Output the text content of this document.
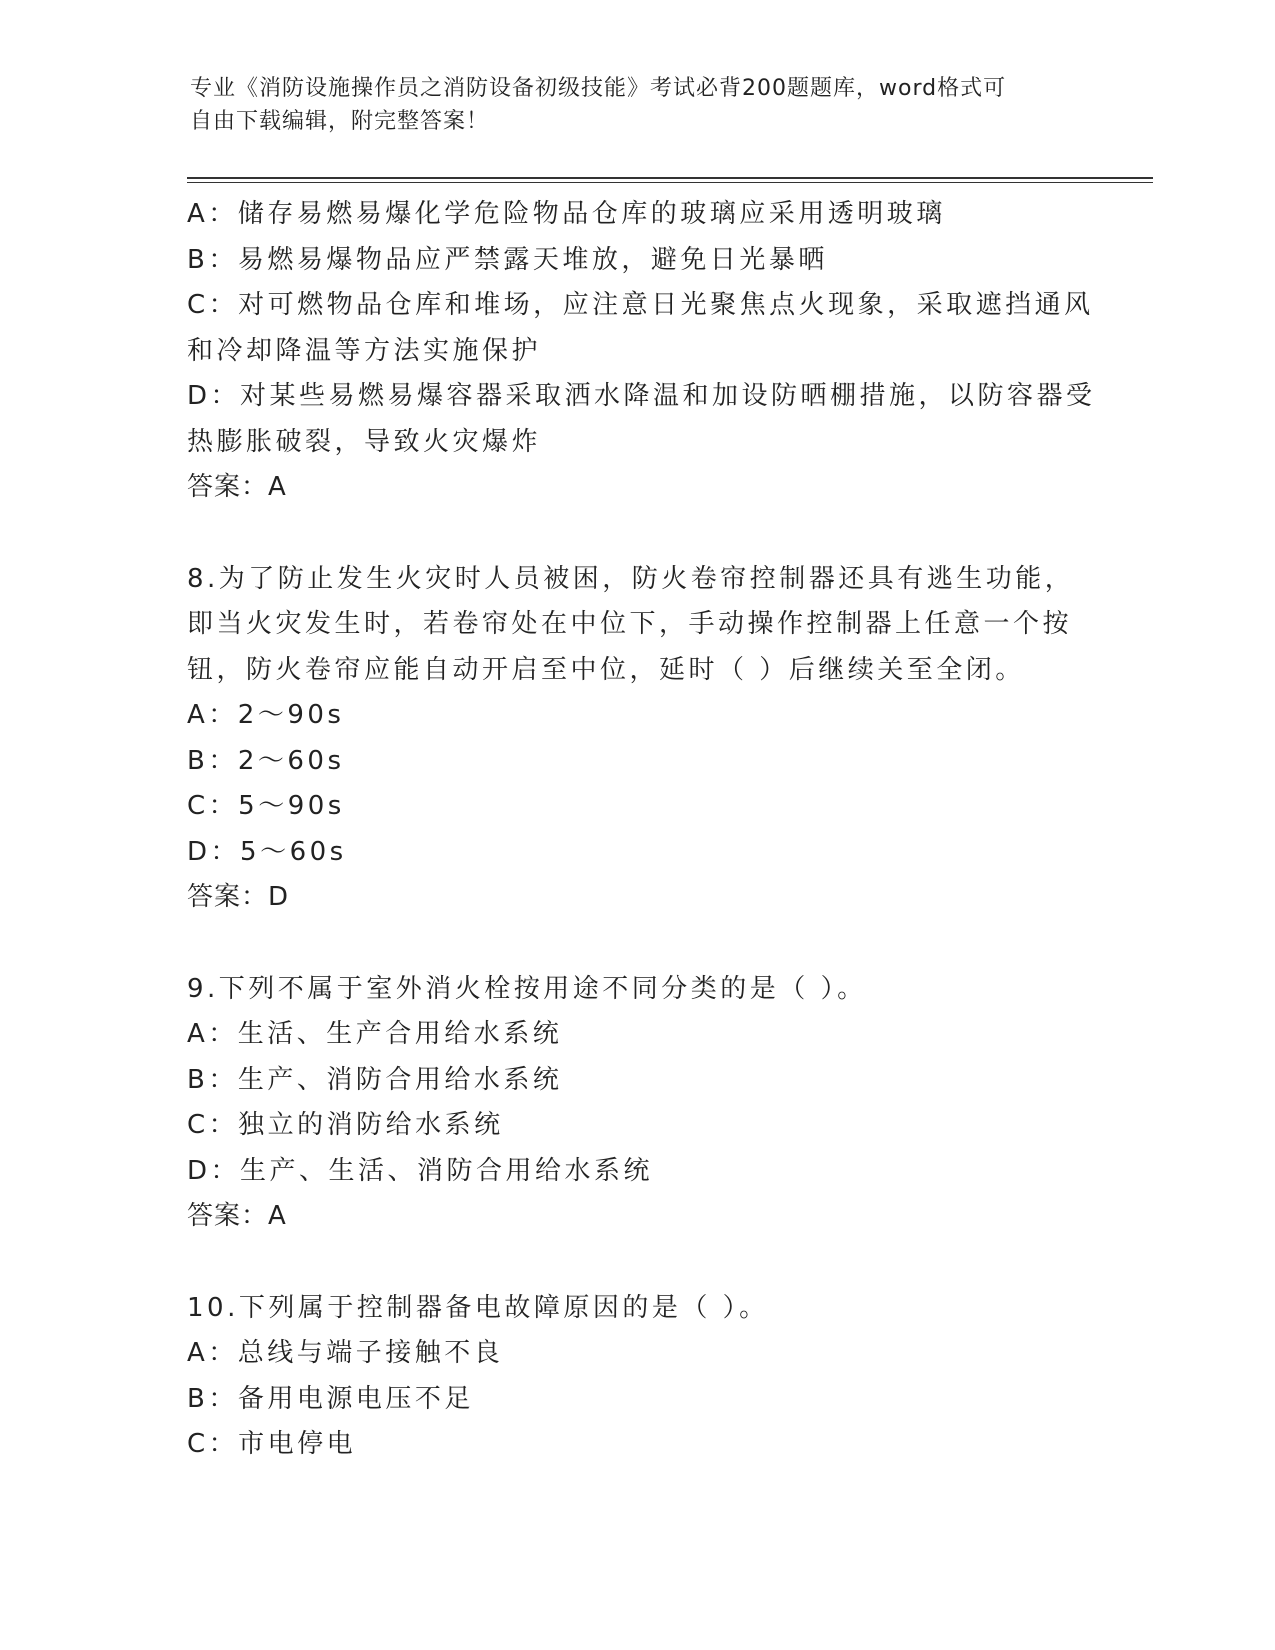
专业《消防设施操作员之消防设备初级技能》考试必背200题题库，word格式可
自由下载编辑，附完整答案！
A：储存易燃易爆化学危险物品仓库的玻璃应采用透明玻璃
B：易燃易爆物品应严禁露天堆放，避免日光暴晒
C：对可燃物品仓库和堆场，应注意日光聚焦点火现象，采取遮挡通风
和冷却降温等方法实施保护
D：对某些易燃易爆容器采取洒水降温和加设防晒棚措施，以防容器受
热膨胀破裂，导致火灾爆炸
答案：A
8.为了防止发生火灾时人员被困，防火卷帘控制器还具有逃生功能，
即当火灾发生时，若卷帘处在中位下，手动操作控制器上任意一个按
钮，防火卷帘应能自动开启至中位，延时（ ）后继续关至全闭。
A：2～90s
B：2～60s
C：5～90s
D：5～60s
答案：D
9.下列不属于室外消火栓按用途不同分类的是（ ）。
A：生活、生产合用给水系统
B：生产、消防合用给水系统
C：独立的消防给水系统
D：生产、生活、消防合用给水系统
答案：A
10.下列属于控制器备电故障原因的是（ ）。
A：总线与端子接触不良
B：备用电源电压不足
C：市电停电
